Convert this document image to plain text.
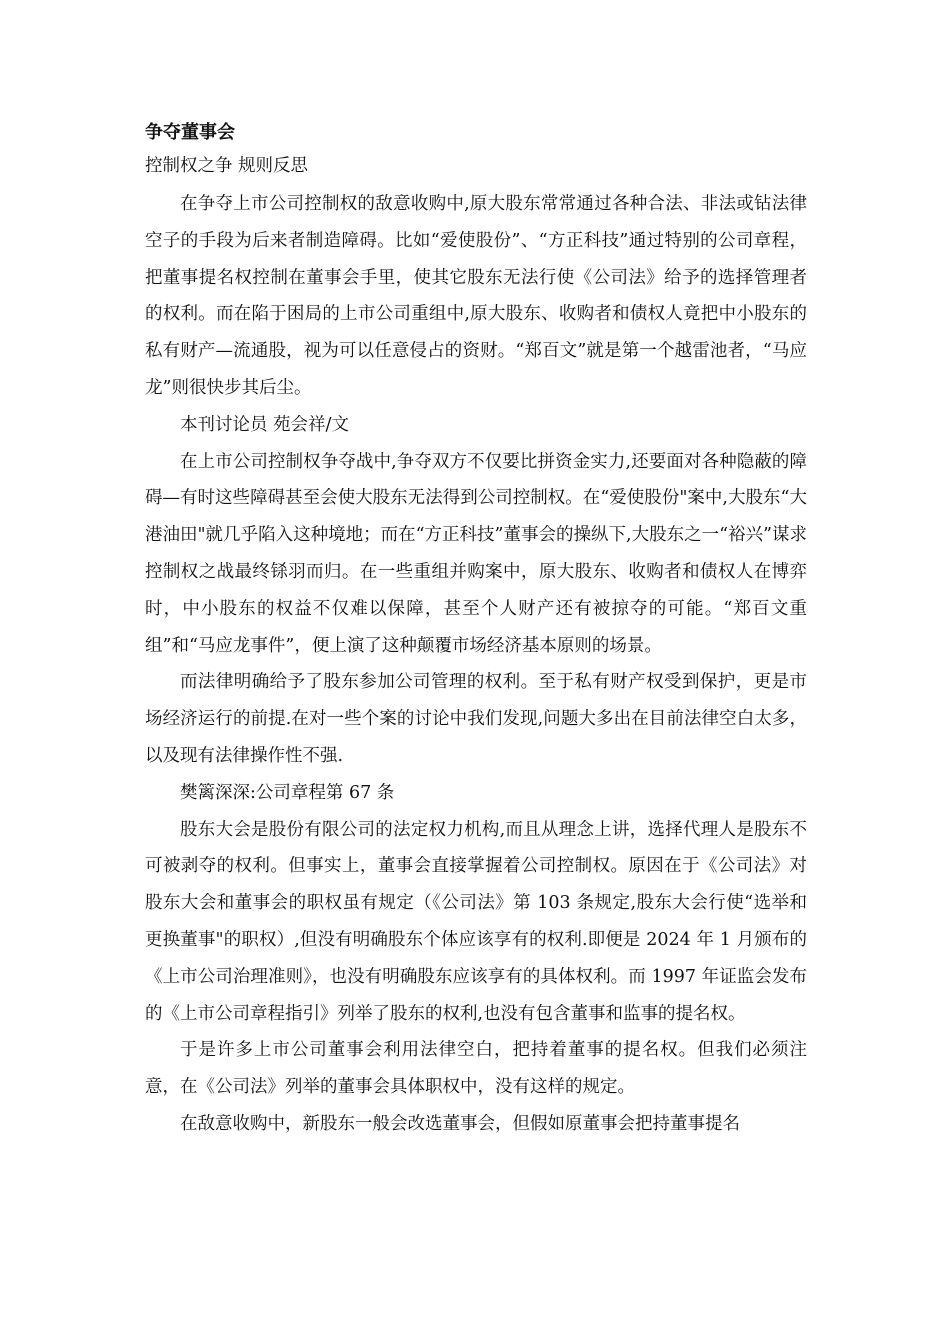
争夺董事会

控制权之争 规则反思

在争夺上市公司控制权的敌意收购中,原大股东常常通过各种合法、非法或钻法律空子的手段为后来者制造障碍。比如“爱使股份”、“方正科技”通过特别的公司章程，把董事提名权控制在董事会手里，使其它股东无法行使《公司法》给予的选择管理者的权利。而在陷于困局的上市公司重组中,原大股东、收购者和债权人竟把中小股东的私有财产—流通股，视为可以任意侵占的资财。“郑百文”就是第一个越雷池者，“马应龙”则很快步其后尘。

本刊讨论员 苑会祥/文

在上市公司控制权争夺战中,争夺双方不仅要比拼资金实力,还要面对各种隐蔽的障碍—有时这些障碍甚至会使大股东无法得到公司控制权。在“爱使股份"案中,大股东“大港油田"就几乎陷入这种境地；而在“方正科技”董事会的操纵下,大股东之一“裕兴”谋求控制权之战最终铩羽而归。在一些重组并购案中，原大股东、收购者和债权人在博弈时，中小股东的权益不仅难以保障，甚至个人财产还有被掠夺的可能。“郑百文重组”和“马应龙事件”，便上演了这种颠覆市场经济基本原则的场景。

而法律明确给予了股东参加公司管理的权利。至于私有财产权受到保护，更是市场经济运行的前提.在对一些个案的讨论中我们发现,问题大多出在目前法律空白太多，以及现有法律操作性不强.

樊篱深深:公司章程第 67 条

股东大会是股份有限公司的法定权力机构,而且从理念上讲，选择代理人是股东不可被剥夺的权利。但事实上，董事会直接掌握着公司控制权。原因在于《公司法》对股东大会和董事会的职权虽有规定（《公司法》第 103 条规定,股东大会行使“选举和更换董事"的职权）,但没有明确股东个体应该享有的权利.即便是 2024 年 1 月颁布的《上市公司治理准则》，也没有明确股东应该享有的具体权利。而 1997 年证监会发布的《上市公司章程指引》列举了股东的权利,也没有包含董事和监事的提名权。

于是许多上市公司董事会利用法律空白，把持着董事的提名权。但我们必须注意，在《公司法》列举的董事会具体职权中，没有这样的规定。

在敌意收购中，新股东一般会改选董事会，但假如原董事会把持董事提名
